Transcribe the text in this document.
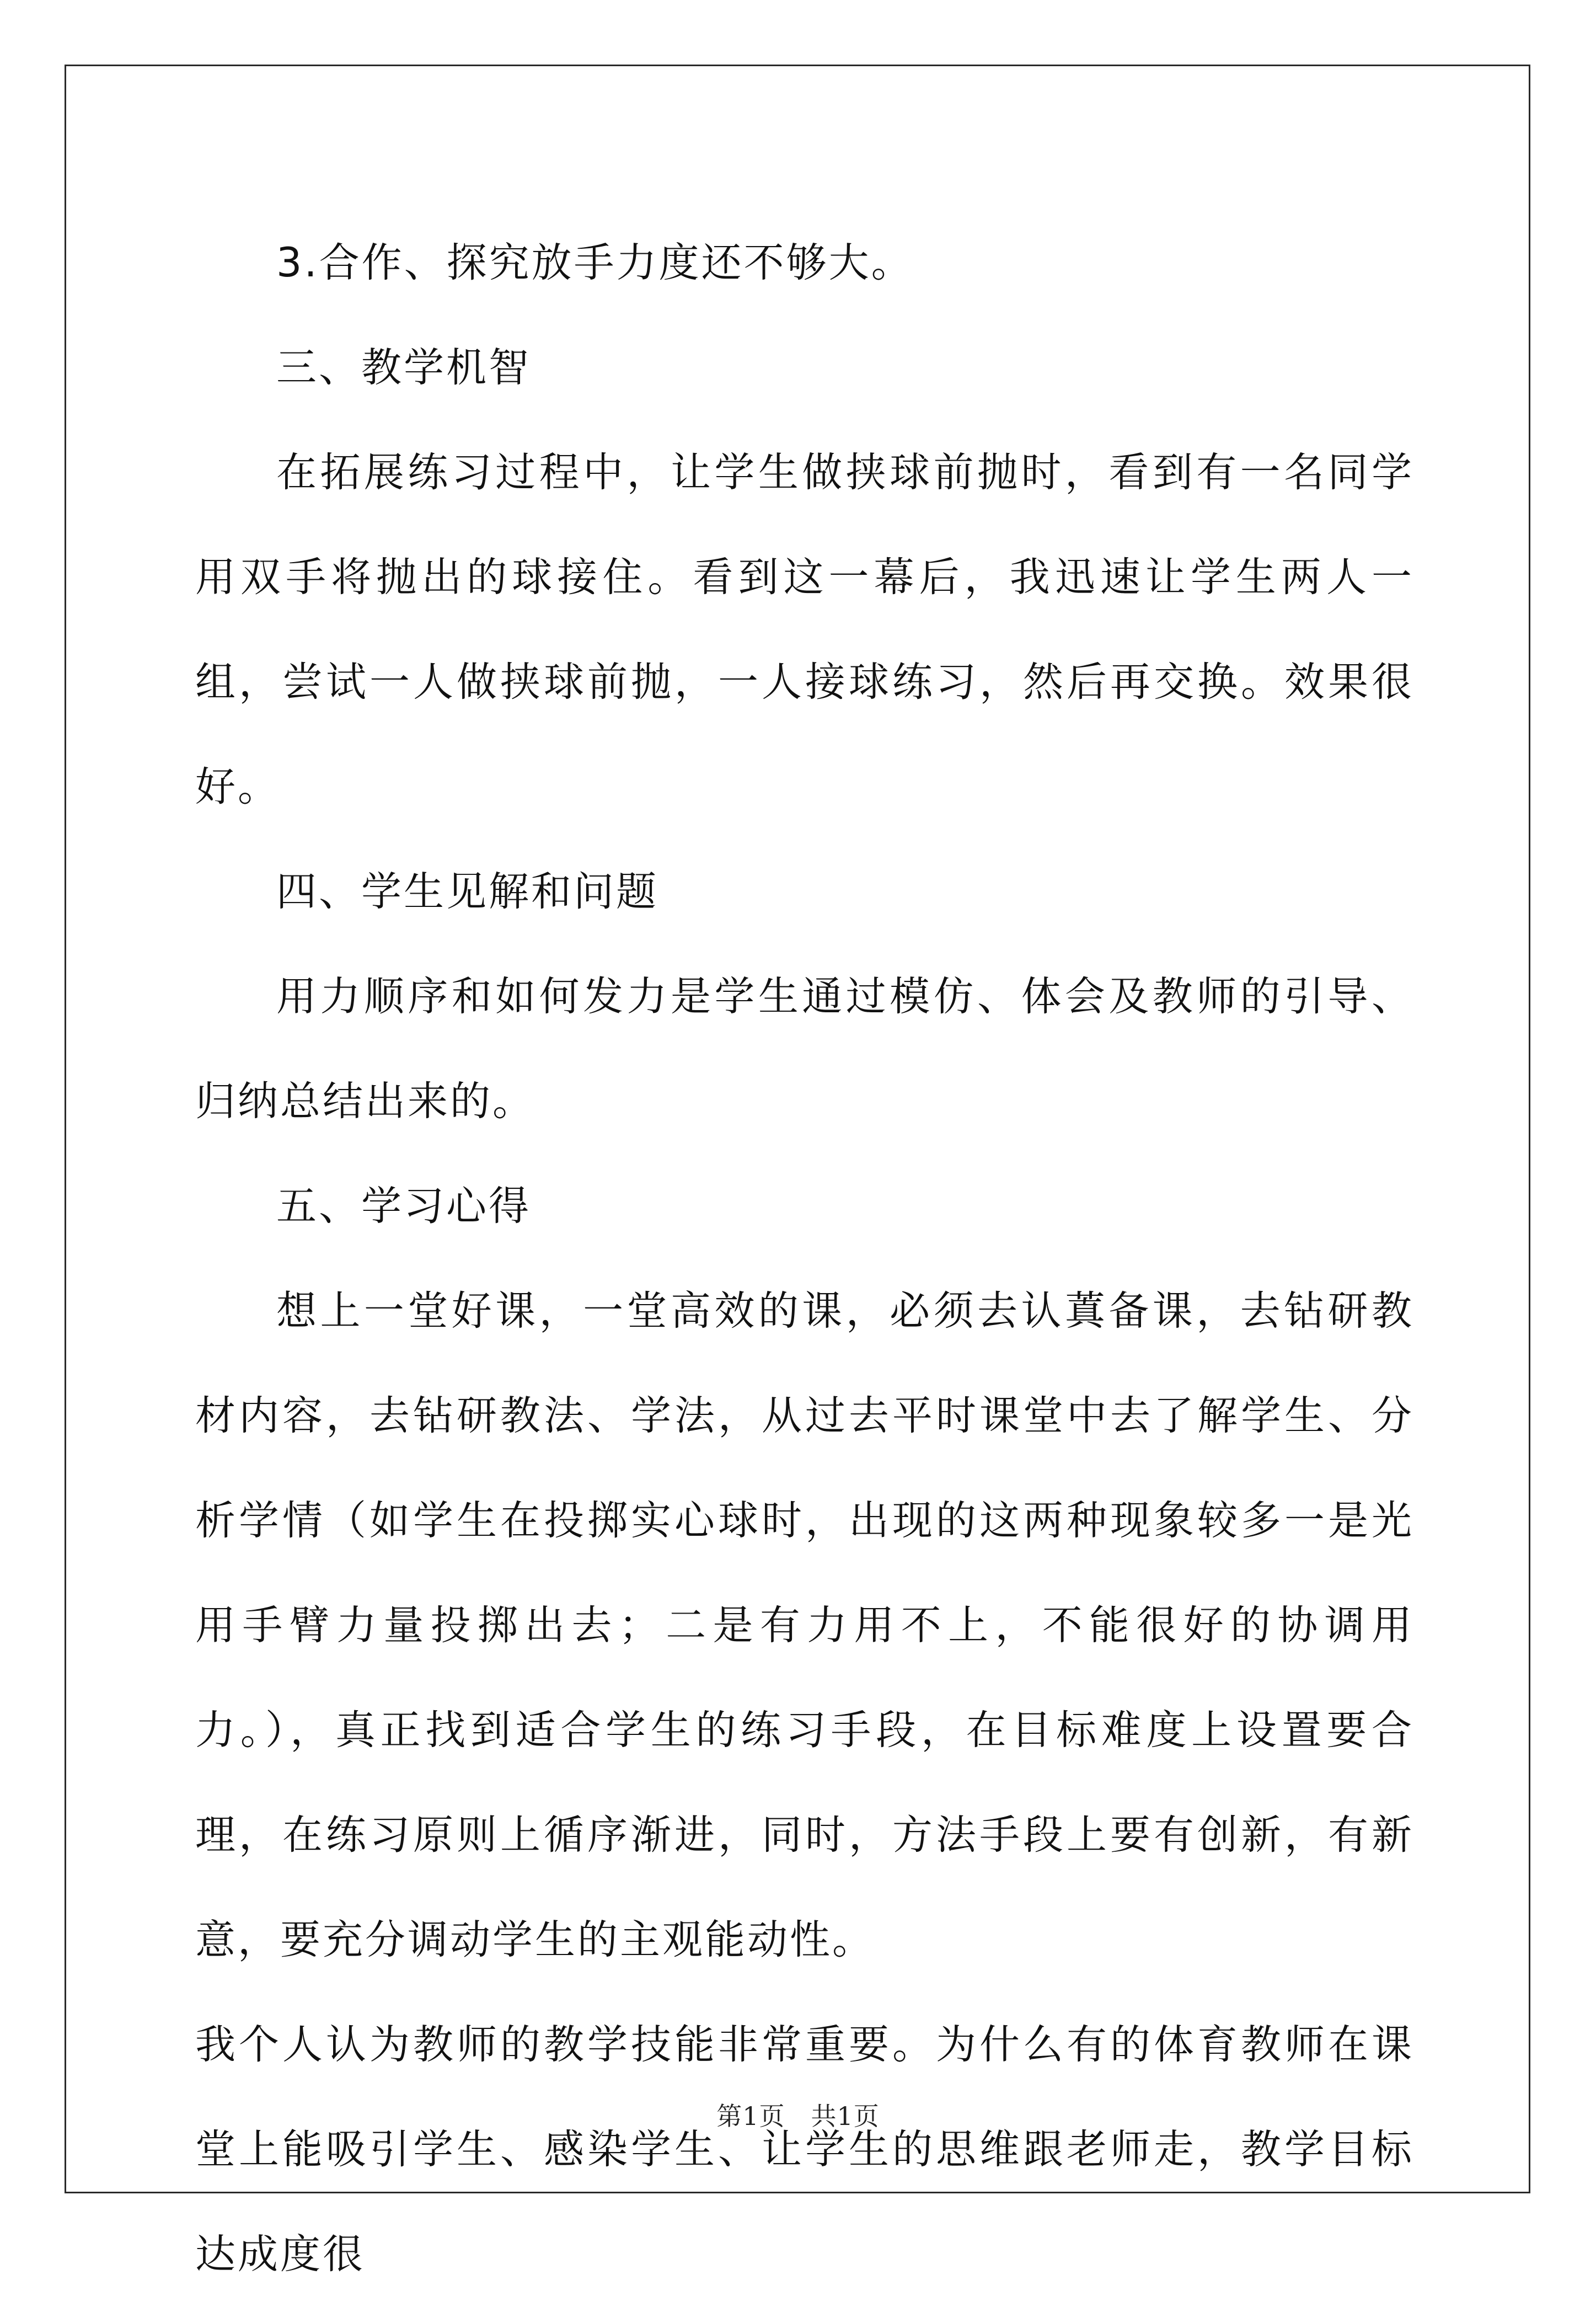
3.合作、探究放手力度还不够大。

三、教学机智

在拓展练习过程中，让学生做挟球前抛时，看到有一名同学用双手将抛出的球接住。看到这一幕后，我迅速让学生两人一组，尝试一人做挟球前抛，一人接球练习，然后再交换。效果很好。

四、学生见解和问题

用力顺序和如何发力是学生通过模仿、体会及教师的引导、归纳总结出来的。

五、学习心得

想上一堂好课，一堂高效的课，必须去认蒖备课，去钻研教材内容，去钻研教法、学法，从过去平时课堂中去了解学生、分析学情（如学生在投掷实心球时，出现的这两种现象较多一是光用手臂力量投掷出去；二是有力用不上，不能很好的协调用力。），真正找到适合学生的练习手段，在目标难度上设置要合理，在练习原则上循序渐进，同时，方法手段上要有创新，有新意，要充分调动学生的主观能动性。

我个人认为教师的教学技能非常重要。为什么有的体育教师在课堂上能吸引学生、感染学生、让学生的思维跟老师走，教学目标达成度很

第1页　共1页
